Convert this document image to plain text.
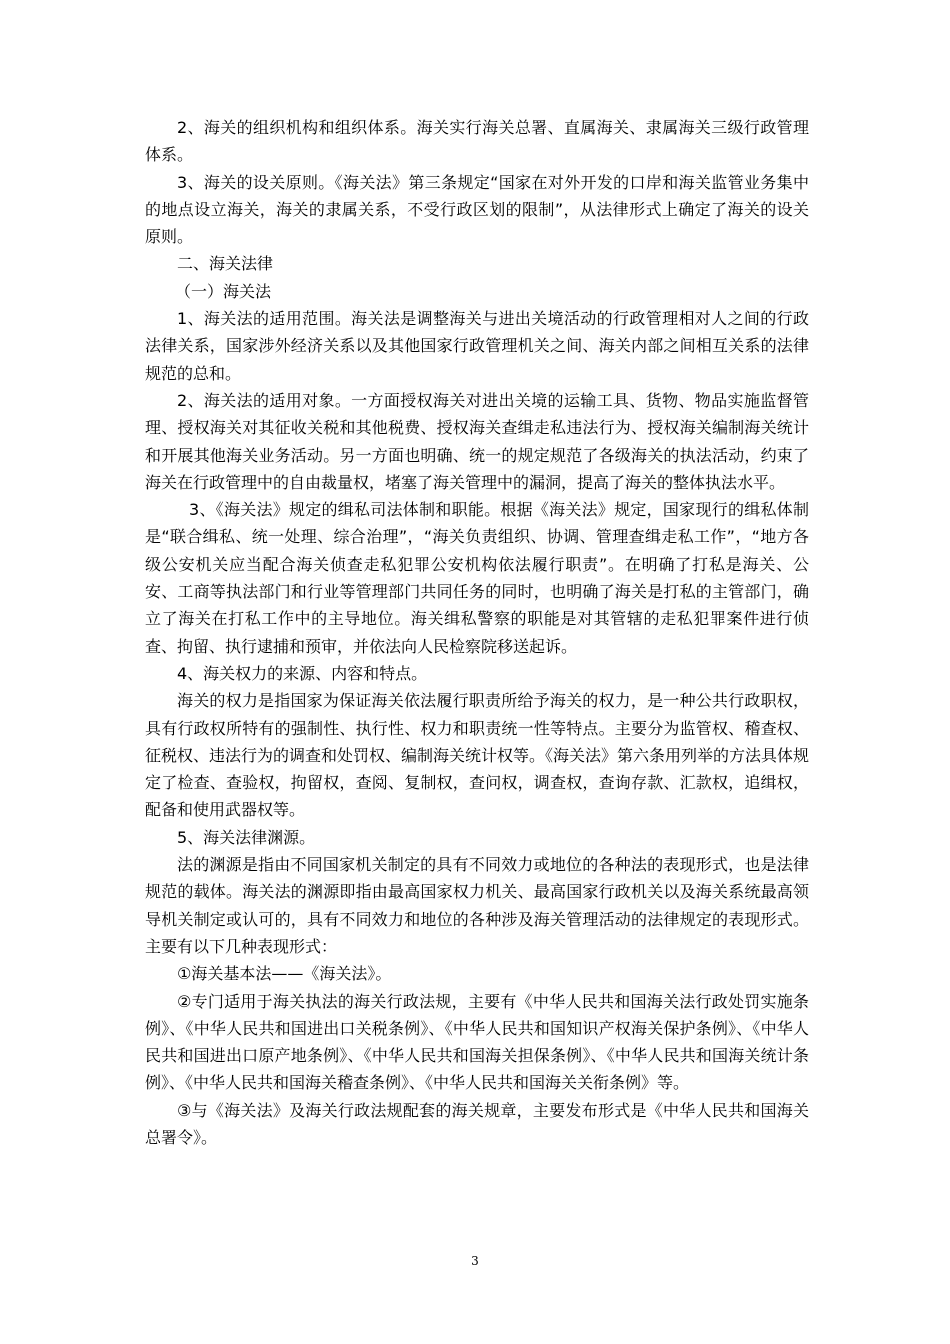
2、海关的组织机构和组织体系。海关实行海关总署、直属海关、隶属海关三级行政管理体系。

3、海关的设关原则。《海关法》第三条规定“国家在对外开发的口岸和海关监管业务集中的地点设立海关，海关的隶属关系，不受行政区划的限制”，从法律形式上确定了海关的设关原则。

二、海关法律

（一）海关法

1、海关法的适用范围。海关法是调整海关与进出关境活动的行政管理相对人之间的行政法律关系，国家涉外经济关系以及其他国家行政管理机关之间、海关内部之间相互关系的法律规范的总和。

2、海关法的适用对象。一方面授权海关对进出关境的运输工具、货物、物品实施监督管理、授权海关对其征收关税和其他税费、授权海关查缉走私违法行为、授权海关编制海关统计和开展其他海关业务活动。另一方面也明确、统一的规定规范了各级海关的执法活动，约束了海关在行政管理中的自由裁量权，堵塞了海关管理中的漏洞，提高了海关的整体执法水平。

3、《海关法》规定的缉私司法体制和职能。根据《海关法》规定，国家现行的缉私体制是“联合缉私、统一处理、综合治理”，“海关负责组织、协调、管理查缉走私工作”，“地方各级公安机关应当配合海关侦查走私犯罪公安机构依法履行职责”。在明确了打私是海关、公安、工商等执法部门和行业等管理部门共同任务的同时，也明确了海关是打私的主管部门，确立了海关在打私工作中的主导地位。海关缉私警察的职能是对其管辖的走私犯罪案件进行侦查、拘留、执行逮捕和预审，并依法向人民检察院移送起诉。

4、海关权力的来源、内容和特点。

海关的权力是指国家为保证海关依法履行职责所给予海关的权力，是一种公共行政职权，具有行政权所特有的强制性、执行性、权力和职责统一性等特点。主要分为监管权、稽查权、征税权、违法行为的调查和处罚权、编制海关统计权等。《海关法》第六条用列举的方法具体规定了检查、查验权，拘留权，查阅、复制权，查问权，调查权，查询存款、汇款权，追缉权，配备和使用武器权等。

5、海关法律渊源。

法的渊源是指由不同国家机关制定的具有不同效力或地位的各种法的表现形式，也是法律规范的载体。海关法的渊源即指由最高国家权力机关、最高国家行政机关以及海关系统最高领导机关制定或认可的，具有不同效力和地位的各种涉及海关管理活动的法律规定的表现形式。主要有以下几种表现形式：

①海关基本法——《海关法》。

②专门适用于海关执法的海关行政法规，主要有《中华人民共和国海关法行政处罚实施条例》、《中华人民共和国进出口关税条例》、《中华人民共和国知识产权海关保护条例》、《中华人民共和国进出口原产地条例》、《中华人民共和国海关担保条例》、《中华人民共和国海关统计条例》、《中华人民共和国海关稽查条例》、《中华人民共和国海关关衔条例》等。

③与《海关法》及海关行政法规配套的海关规章，主要发布形式是《中华人民共和国海关总署令》。

3
